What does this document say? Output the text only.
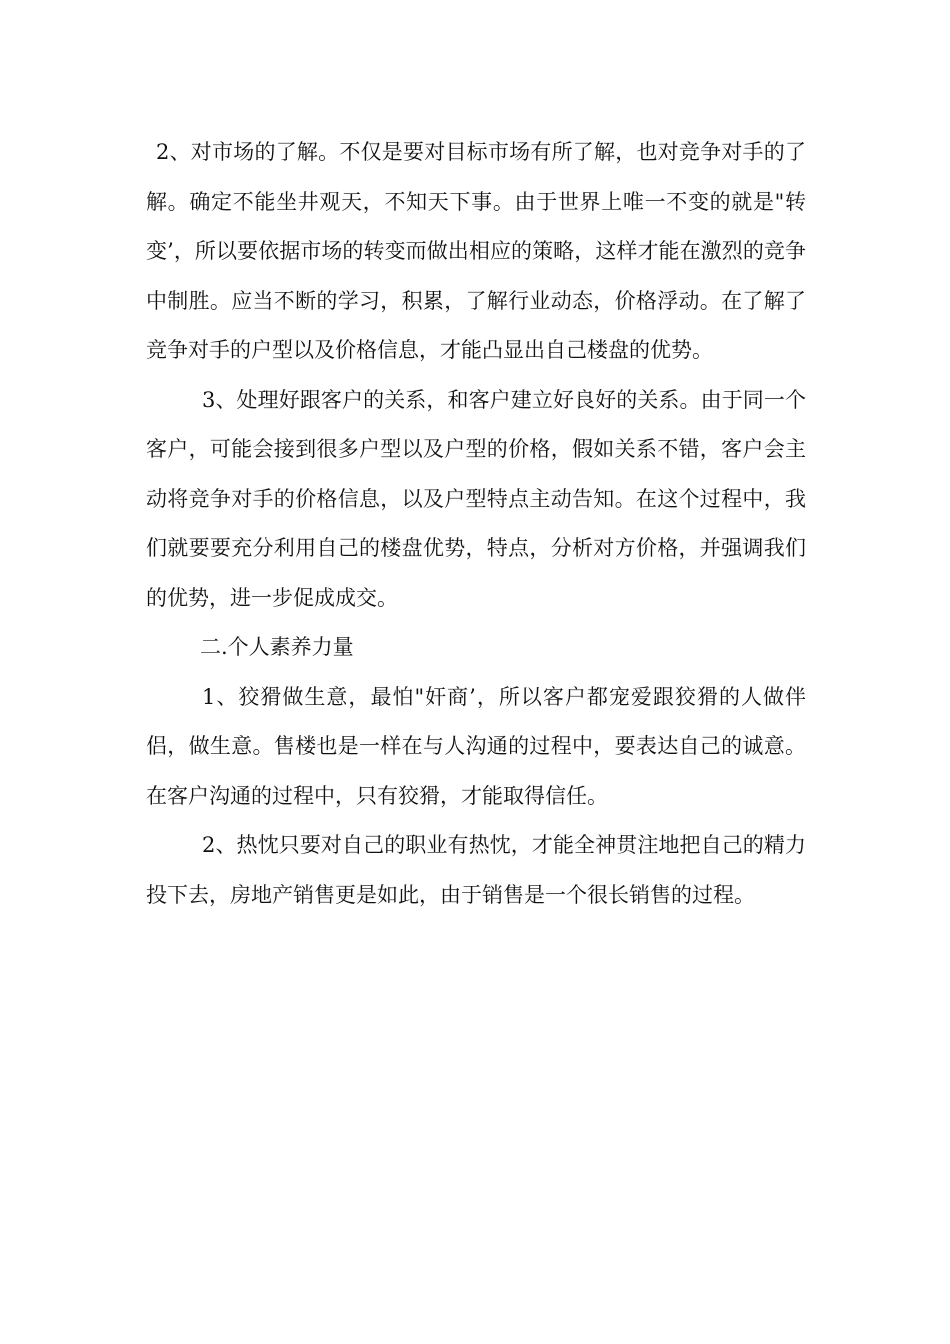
2、对市场的了解。不仅是要对目标市场有所了解，也对竞争对手的了解。确定不能坐井观天，不知天下事。由于世界上唯一不变的就是"转变’，所以要依据市场的转变而做出相应的策略，这样才能在激烈的竞争中制胜。应当不断的学习，积累，了解行业动态，价格浮动。在了解了竞争对手的户型以及价格信息，才能凸显出自己楼盘的优势。

3、处理好跟客户的关系，和客户建立好良好的关系。由于同一个客户，可能会接到很多户型以及户型的价格，假如关系不错，客户会主动将竞争对手的价格信息，以及户型特点主动告知。在这个过程中，我们就要要充分利用自己的楼盘优势，特点，分析对方价格，并强调我们的优势，进一步促成成交。

二.个人素养力量

1、狡猾做生意，最怕"奸商’，所以客户都宠爱跟狡猾的人做伴侣，做生意。售楼也是一样在与人沟通的过程中，要表达自己的诚意。在客户沟通的过程中，只有狡猾，才能取得信任。

2、热忱只要对自己的职业有热忱，才能全神贯注地把自己的精力投下去，房地产销售更是如此，由于销售是一个很长销售的过程。
